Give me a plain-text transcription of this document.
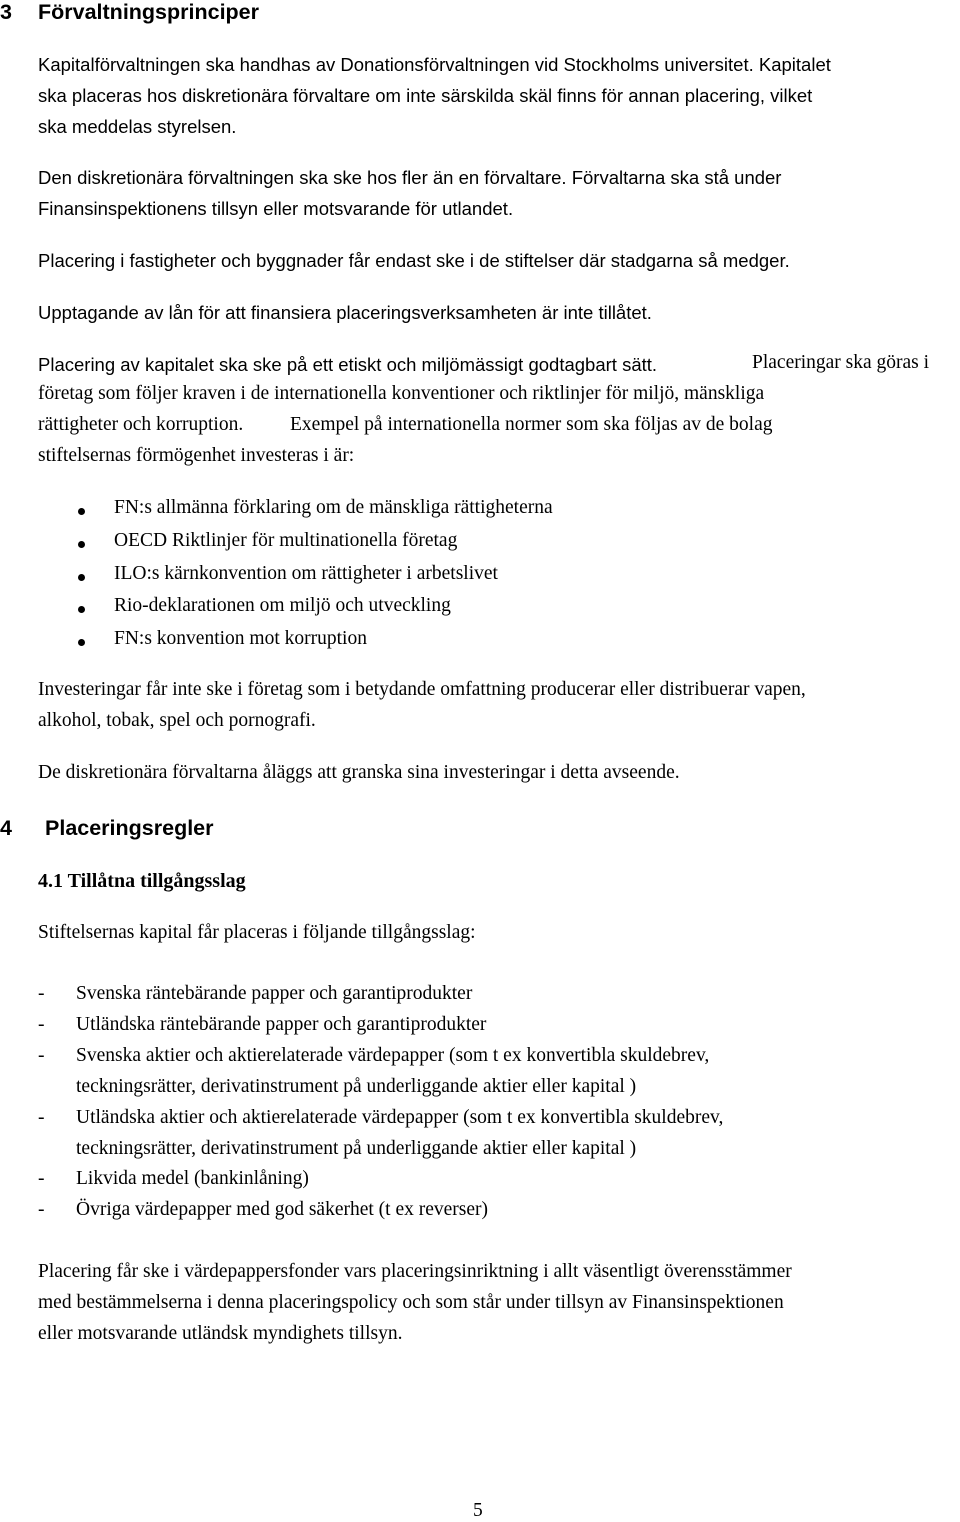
3 Förvaltningsprinciper
Kapitalförvaltningen ska handhas av Donationsförvaltningen vid Stockholms universitet. Kapitalet
ska placeras hos diskretionära förvaltare om inte särskilda skäl finns för annan placering, vilket
ska meddelas styrelsen.
Den diskretionära förvaltningen ska ske hos fler än en förvaltare. Förvaltarna ska stå under
Finansinspektionens tillsyn eller motsvarande för utlandet.
Placering i fastigheter och byggnader får endast ske i de stiftelser där stadgarna så medger.
Upptagande av lån för att finansiera placeringsverksamheten är inte tillåtet.
Placering av kapitalet ska ske på ett etiskt och miljömässigt godtagbart sätt.	Placeringar ska göras i
företag som följer kraven i de internationella konventioner och riktlinjer för miljö, mänskliga
rättigheter och korruption. Exempel på internationella normer som ska följas av de bolag
stiftelsernas förmögenhet investeras i är:
FN:s allmänna förklaring om de mänskliga rättigheterna
OECD Riktlinjer för multinationella företag
ILO:s kärnkonvention om rättigheter i arbetslivet
Rio-deklarationen om miljö och utveckling
FN:s konvention mot korruption
Investeringar får inte ske i företag som i betydande omfattning producerar eller distribuerar vapen,
alkohol, tobak, spel och pornografi.
De diskretionära förvaltarna åläggs att granska sina investeringar i detta avseende.
4 Placeringsregler
4.1 Tillåtna tillgångsslag
Stiftelsernas kapital får placeras i följande tillgångsslag:
- Svenska räntebärande papper och garantiprodukter
- Utländska räntebärande papper och garantiprodukter
- Svenska aktier och aktierelaterade värdepapper (som t ex konvertibla skuldebrev,
teckningsrätter, derivatinstrument på underliggande aktier eller kapital )
- Utländska aktier och aktierelaterade värdepapper (som t ex konvertibla skuldebrev,
teckningsrätter, derivatinstrument på underliggande aktier eller kapital )
- Likvida medel (bankinlåning)
- Övriga värdepapper med god säkerhet (t ex reverser)
Placering får ske i värdepappersfonder vars placeringsinriktning i allt väsentligt överensstämmer
med bestämmelserna i denna placeringspolicy och som står under tillsyn av Finansinspektionen
eller motsvarande utländsk myndighets tillsyn.
5
